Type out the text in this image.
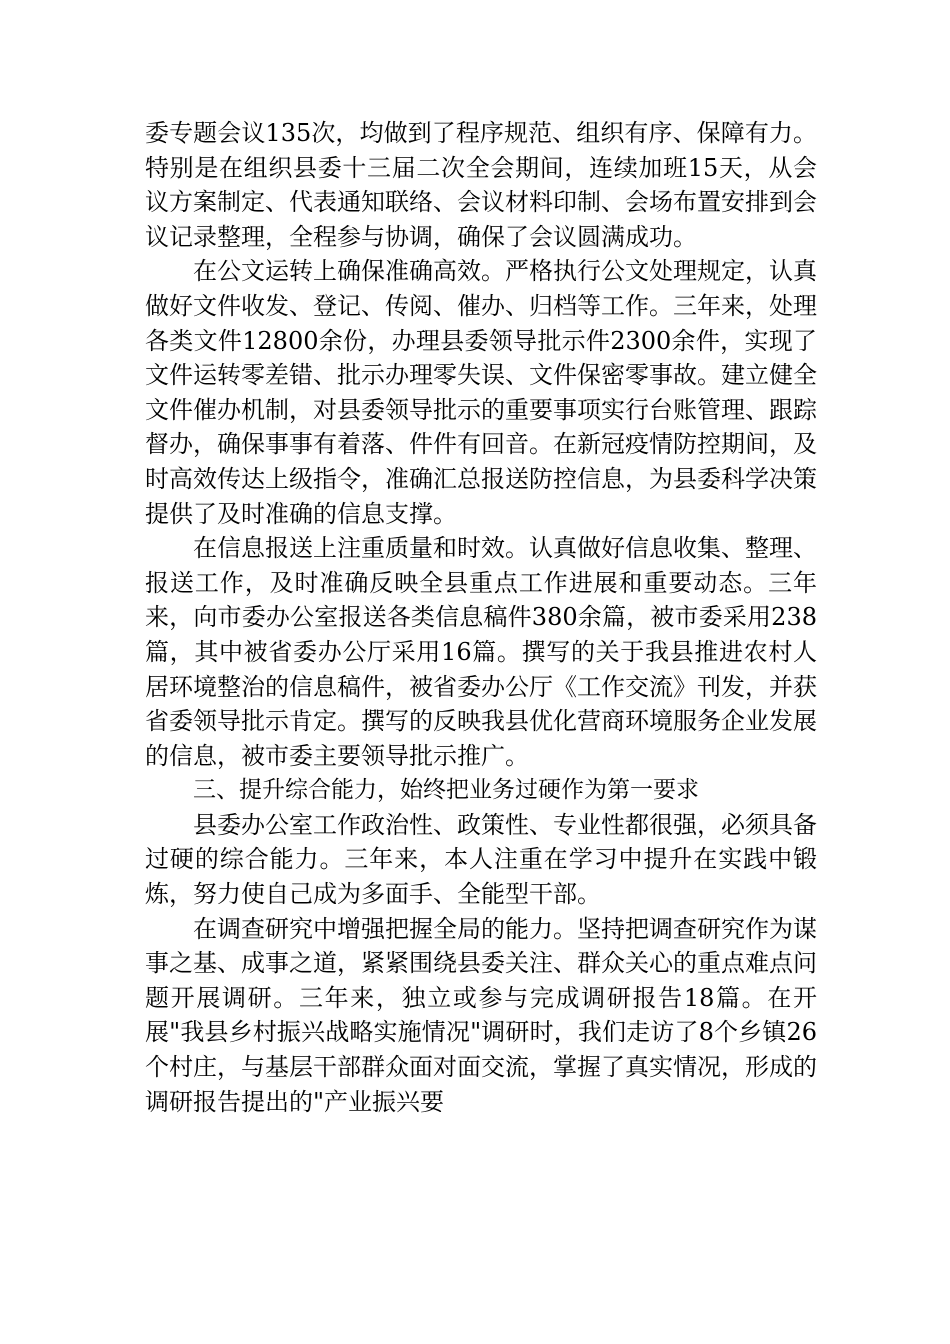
委专题会议135次，均做到了程序规范、组织有序、保障有力。特别是在组织县委十三届二次全会期间，连续加班15天，从会议方案制定、代表通知联络、会议材料印制、会场布置安排到会议记录整理，全程参与协调，确保了会议圆满成功。

在公文运转上确保准确高效。严格执行公文处理规定，认真做好文件收发、登记、传阅、催办、归档等工作。三年来，处理各类文件12800余份，办理县委领导批示件2300余件，实现了文件运转零差错、批示办理零失误、文件保密零事故。建立健全文件催办机制，对县委领导批示的重要事项实行台账管理、跟踪督办，确保事事有着落、件件有回音。在新冠疫情防控期间，及时高效传达上级指令，准确汇总报送防控信息，为县委科学决策提供了及时准确的信息支撑。

在信息报送上注重质量和时效。认真做好信息收集、整理、报送工作，及时准确反映全县重点工作进展和重要动态。三年来，向市委办公室报送各类信息稿件380余篇，被市委采用238篇，其中被省委办公厅采用16篇。撰写的关于我县推进农村人居环境整治的信息稿件，被省委办公厅《工作交流》刊发，并获省委领导批示肯定。撰写的反映我县优化营商环境服务企业发展的信息，被市委主要领导批示推广。

三、提升综合能力，始终把业务过硬作为第一要求

县委办公室工作政治性、政策性、专业性都很强，必须具备过硬的综合能力。三年来，本人注重在学习中提升在实践中锻炼，努力使自己成为多面手、全能型干部。

在调查研究中增强把握全局的能力。坚持把调查研究作为谋事之基、成事之道，紧紧围绕县委关注、群众关心的重点难点问题开展调研。三年来，独立或参与完成调研报告18篇。在开展"我县乡村振兴战略实施情况"调研时，我们走访了8个乡镇26个村庄，与基层干部群众面对面交流，掌握了真实情况，形成的调研报告提出的"产业振兴要
